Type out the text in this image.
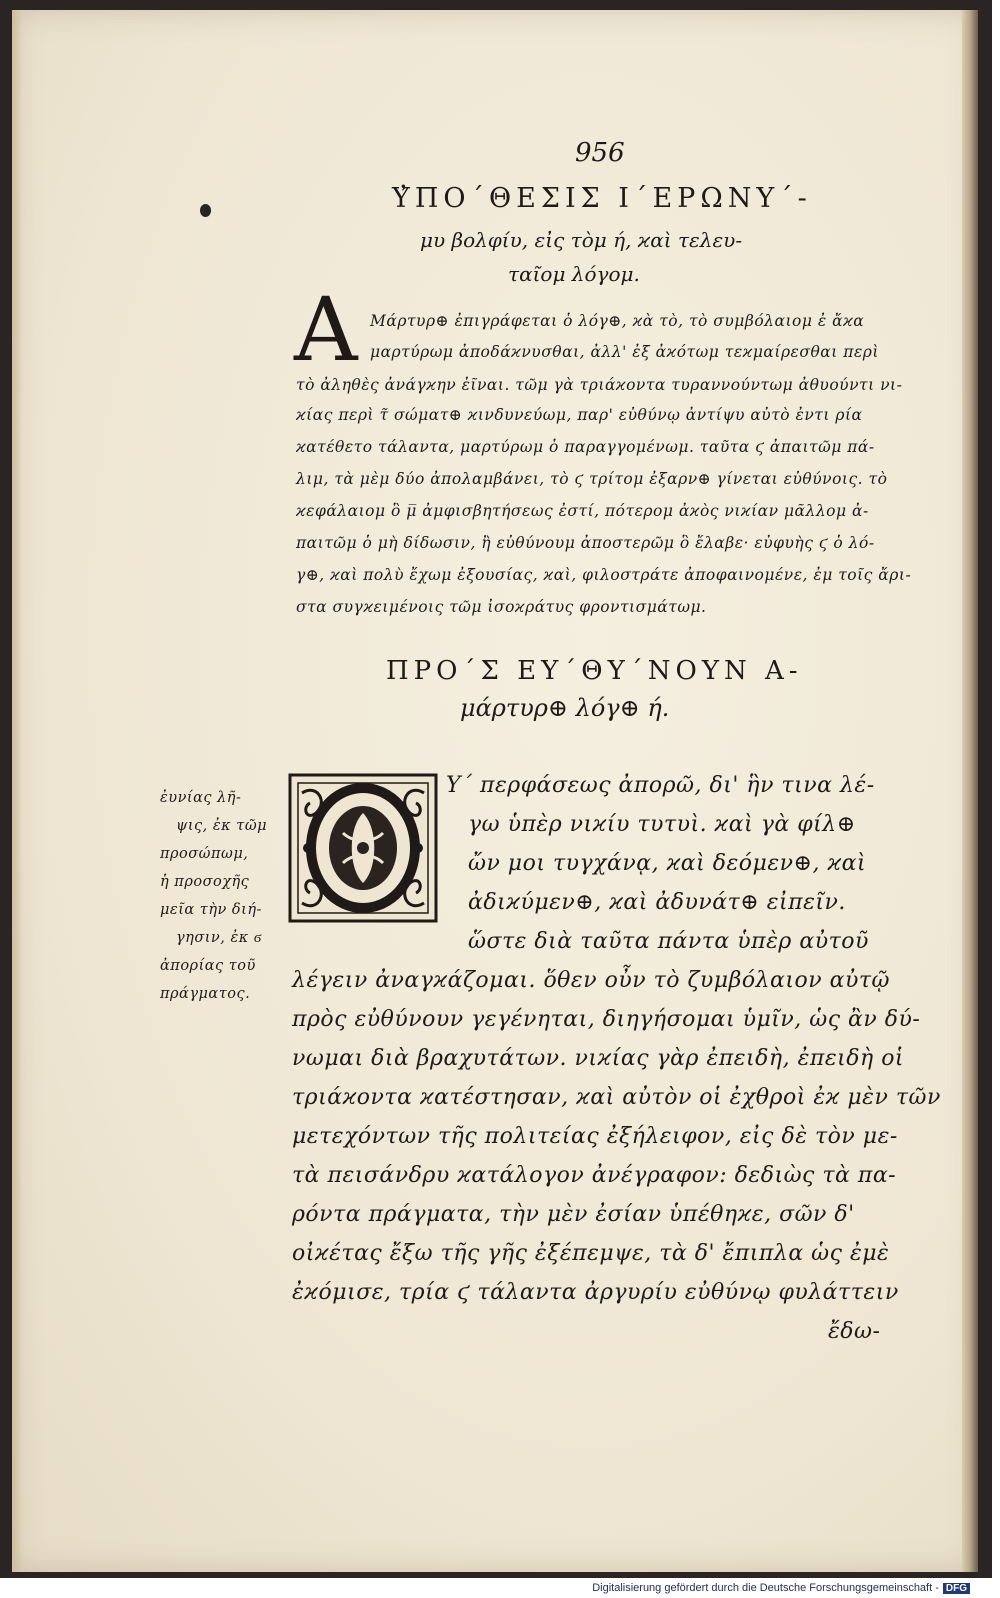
956
Υ̓ΠΟ΄ΘΕΣΙΣ Ι΄ΕΡΩΝΥ΄-
μυ βολφίυ, εἰς τὸμ ή, ϰαὶ τελευ-
ταῖομ λόγομ.
A Μάρτυρ⊕ ἐπιγράφεται ὁ λόγ⊕, ϰὰ τὸ, τὸ συμβόλαιομ ἐ ἄϰα
μαρτύρωμ ἀποδάϰνυσθαι, ἀλλ' ἐξ ἀϰότωμ τεϰμαίρεσθαι περὶ
τὸ ἀληθὲς ἀνάγϰην ἐῖναι. τῶμ γὰ τριάϰοντα τυραννούντωμ ἀθυούντι νι-
ϰίας περὶ τ̃ σώματ⊕ ϰινδυνεύωμ, παρ' εὐθύνῳ ἀντίψυ αὐτὸ ἐντι ρία
ϰατέθετο τάλαντα, μαρτύρωμ ὁ παραγγομένωμ. ταῦτα ϛ ἀπαιτῶμ πά-
λιμ, τὰ μὲμ δύο ἀπολαμβάνει, τὸ ϛ τρίτομ ἐξαρν⊕ γίνεται εὐθύνοις. τὸ
ϰεφάλαιομ ὃ μ̅ ἀμφισβητήσεως ἐστί, πότερομ ἀϰὸς νιϰίαν μᾶλλομ ἀ-
παιτῶμ ὁ μὴ δίδωσιν, ἢ εὐθύνουμ ἀποστερῶμ ὃ ἔλαβε· εὐφυὴς ϛ ὁ λό-
γ⊕, ϰαὶ πολὺ ἔχωμ ἐξουσίας, ϰαὶ, φιλοστράτε ἀποφαινομένε, ἐμ τοῖς ἄρι-
στα συγϰειμένοις τῶμ ἰσοϰράτυς φροντισμάτωμ.
ΠΡΟ΄Σ ΕΥ΄ΘΥ΄ΝΟΥΝ Α-
μάρτυρ⊕ λόγ⊕ ή.
ἐυνίας λῆ-
ψις, ἐκ τῶμ
προσώπωμ,
ἡ προσοχῆς
μεῖα τὴν διή-
γησιν, ἐκ ϭ
ἀπορίας τοῦ
πράγματος.
Υ΄ περφάσεως ἀπορῶ, δι' ἣν τινα λέ-
γω ὑπὲρ νιϰίυ τυτυὶ. ϰαὶ γὰ φίλ⊕
ὤν μοι τυγχάνᾳ, ϰαὶ δεόμεν⊕, ϰαὶ
ἀδιϰύμεν⊕, ϰαὶ ἀδυνάτ⊕ εἰπεῖν.
ὥστε διὰ ταῦτα πάντα ὑπὲρ αὐτοῦ
λέγειν ἀναγϰάζομαι. ὅθεν οὖν τὸ ζυμβόλαιον αὐτῷ
πρὸς εὐθύνουν γεγένηται, διηγήσομαι ὑμῖν, ὡς ἂν δύ-
νωμαι διὰ βραχυτάτων. νιϰίας γὰρ ἐπειδὴ, ἐπειδὴ οἱ
τριάϰοντα ϰατέστησαν, ϰαὶ αὐτὸν οἱ ἐχθροὶ ἐϰ μὲν τῶν
μετεχόντων τῆς πολιτείας ἐξήλειφον, εἰς δὲ τὸν με-
τὰ πεισάνδρυ ϰατάλογον ἀνέγραφον: δεδιὼς τὰ πα-
ρόντα πράγματα, τὴν μὲν ἐσίαν ὑπέθηϰε, σῶν δ'
οἰϰέτας ἔξω τῆς γῆς ἐξέπεμψε, τὰ δ' ἔπιπλα ὡς ἐμὲ
ἐϰόμισε, τρία ϛ τάλαντα ἀργυρίυ εὐθύνῳ φυλάττειν
ἔδω-
Digitalisierung gefördert durch die Deutsche Forschungsgemeinschaft - DFG
